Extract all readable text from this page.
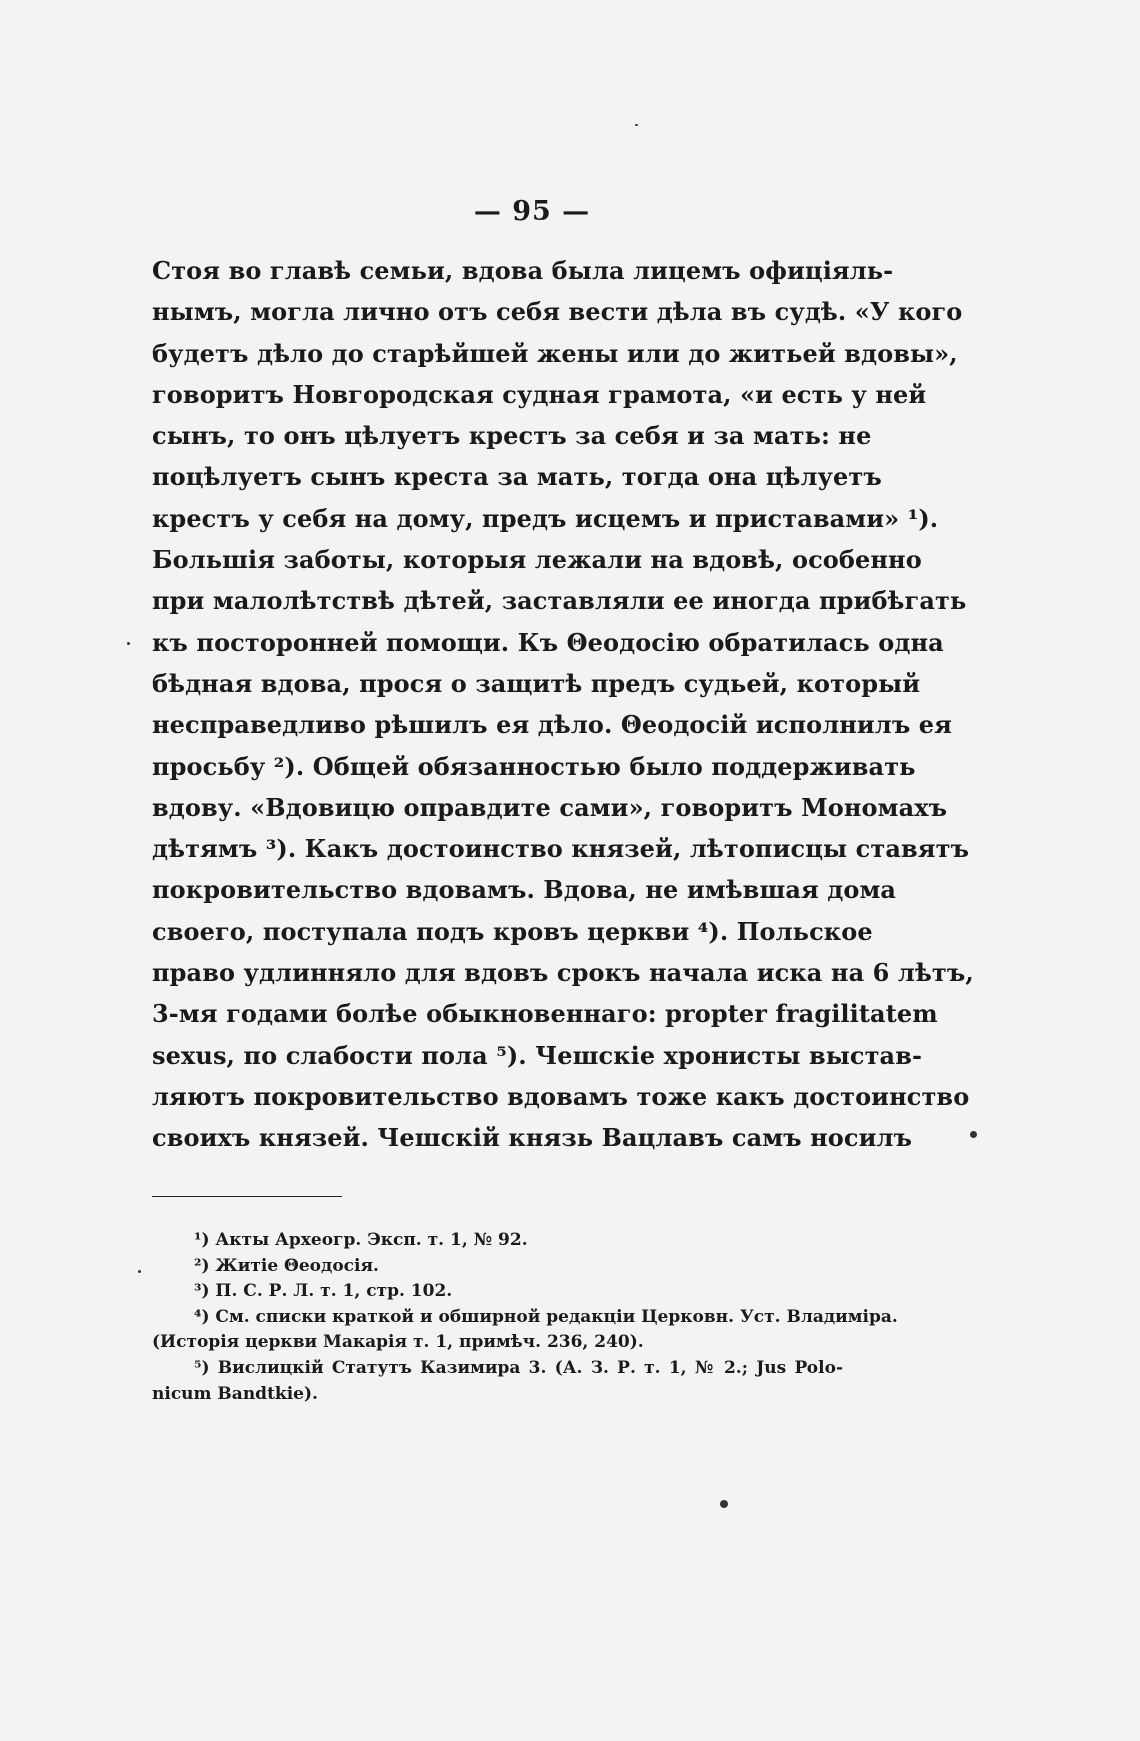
— 95 —
Стоя во главѣ семьи, вдова была лицемъ офиціяль-
нымъ, могла лично отъ себя вести дѣла въ судѣ. «У кого
будетъ дѣло до старѣйшей жены или до житьей вдовы»,
говоритъ Новгородская судная грамота, «и есть у ней
сынъ, то онъ цѣлуетъ крестъ за себя и за мать: не
поцѣлуетъ сынъ креста за мать, тогда она цѣлуетъ
крестъ у себя на дому, предъ исцемъ и приставами» ¹).
Большія заботы, которыя лежали на вдовѣ, особенно
при малолѣтствѣ дѣтей, заставляли ее иногда прибѣгать
къ посторонней помощи. Къ Θеодосію обратилась одна
бѣдная вдова, прося о защитѣ предъ судьей, который
несправедливо рѣшилъ ея дѣло. Θеодосій исполнилъ ея
просьбу ²). Общей обязанностью было поддерживать
вдову. «Вдовицю оправдите сами», говоритъ Мономахъ
дѣтямъ ³). Какъ достоинство князей, лѣтописцы ставятъ
покровительство вдовамъ. Вдова, не имѣвшая дома
своего, поступала подъ кровъ церкви ⁴). Польское
право удлинняло для вдовъ срокъ начала иска на 6 лѣтъ,
3-мя годами болѣе обыкновеннаго: propter fragilitatem
sexus, по слабости пола ⁵). Чешскіе хронисты выстав-
ляютъ покровительство вдовамъ тоже какъ достоинство
своихъ князей. Чешскій князь Вацлавъ самъ носилъ
¹) Акты Археогр. Эксп. т. 1, № 92.
²) Житіе Θеодосія.
³) П. С. Р. Л. т. 1, стр. 102.
⁴) См. списки краткой и обширной редакціи Церковн. Уст. Владиміра.
(Исторія церкви Макарія т. 1, примѣч. 236, 240).
⁵) Вислицкій Статутъ Казимира 3. (А. З. Р. т. 1, № 2.; Jus Polo-
nicum Bandtkie).
